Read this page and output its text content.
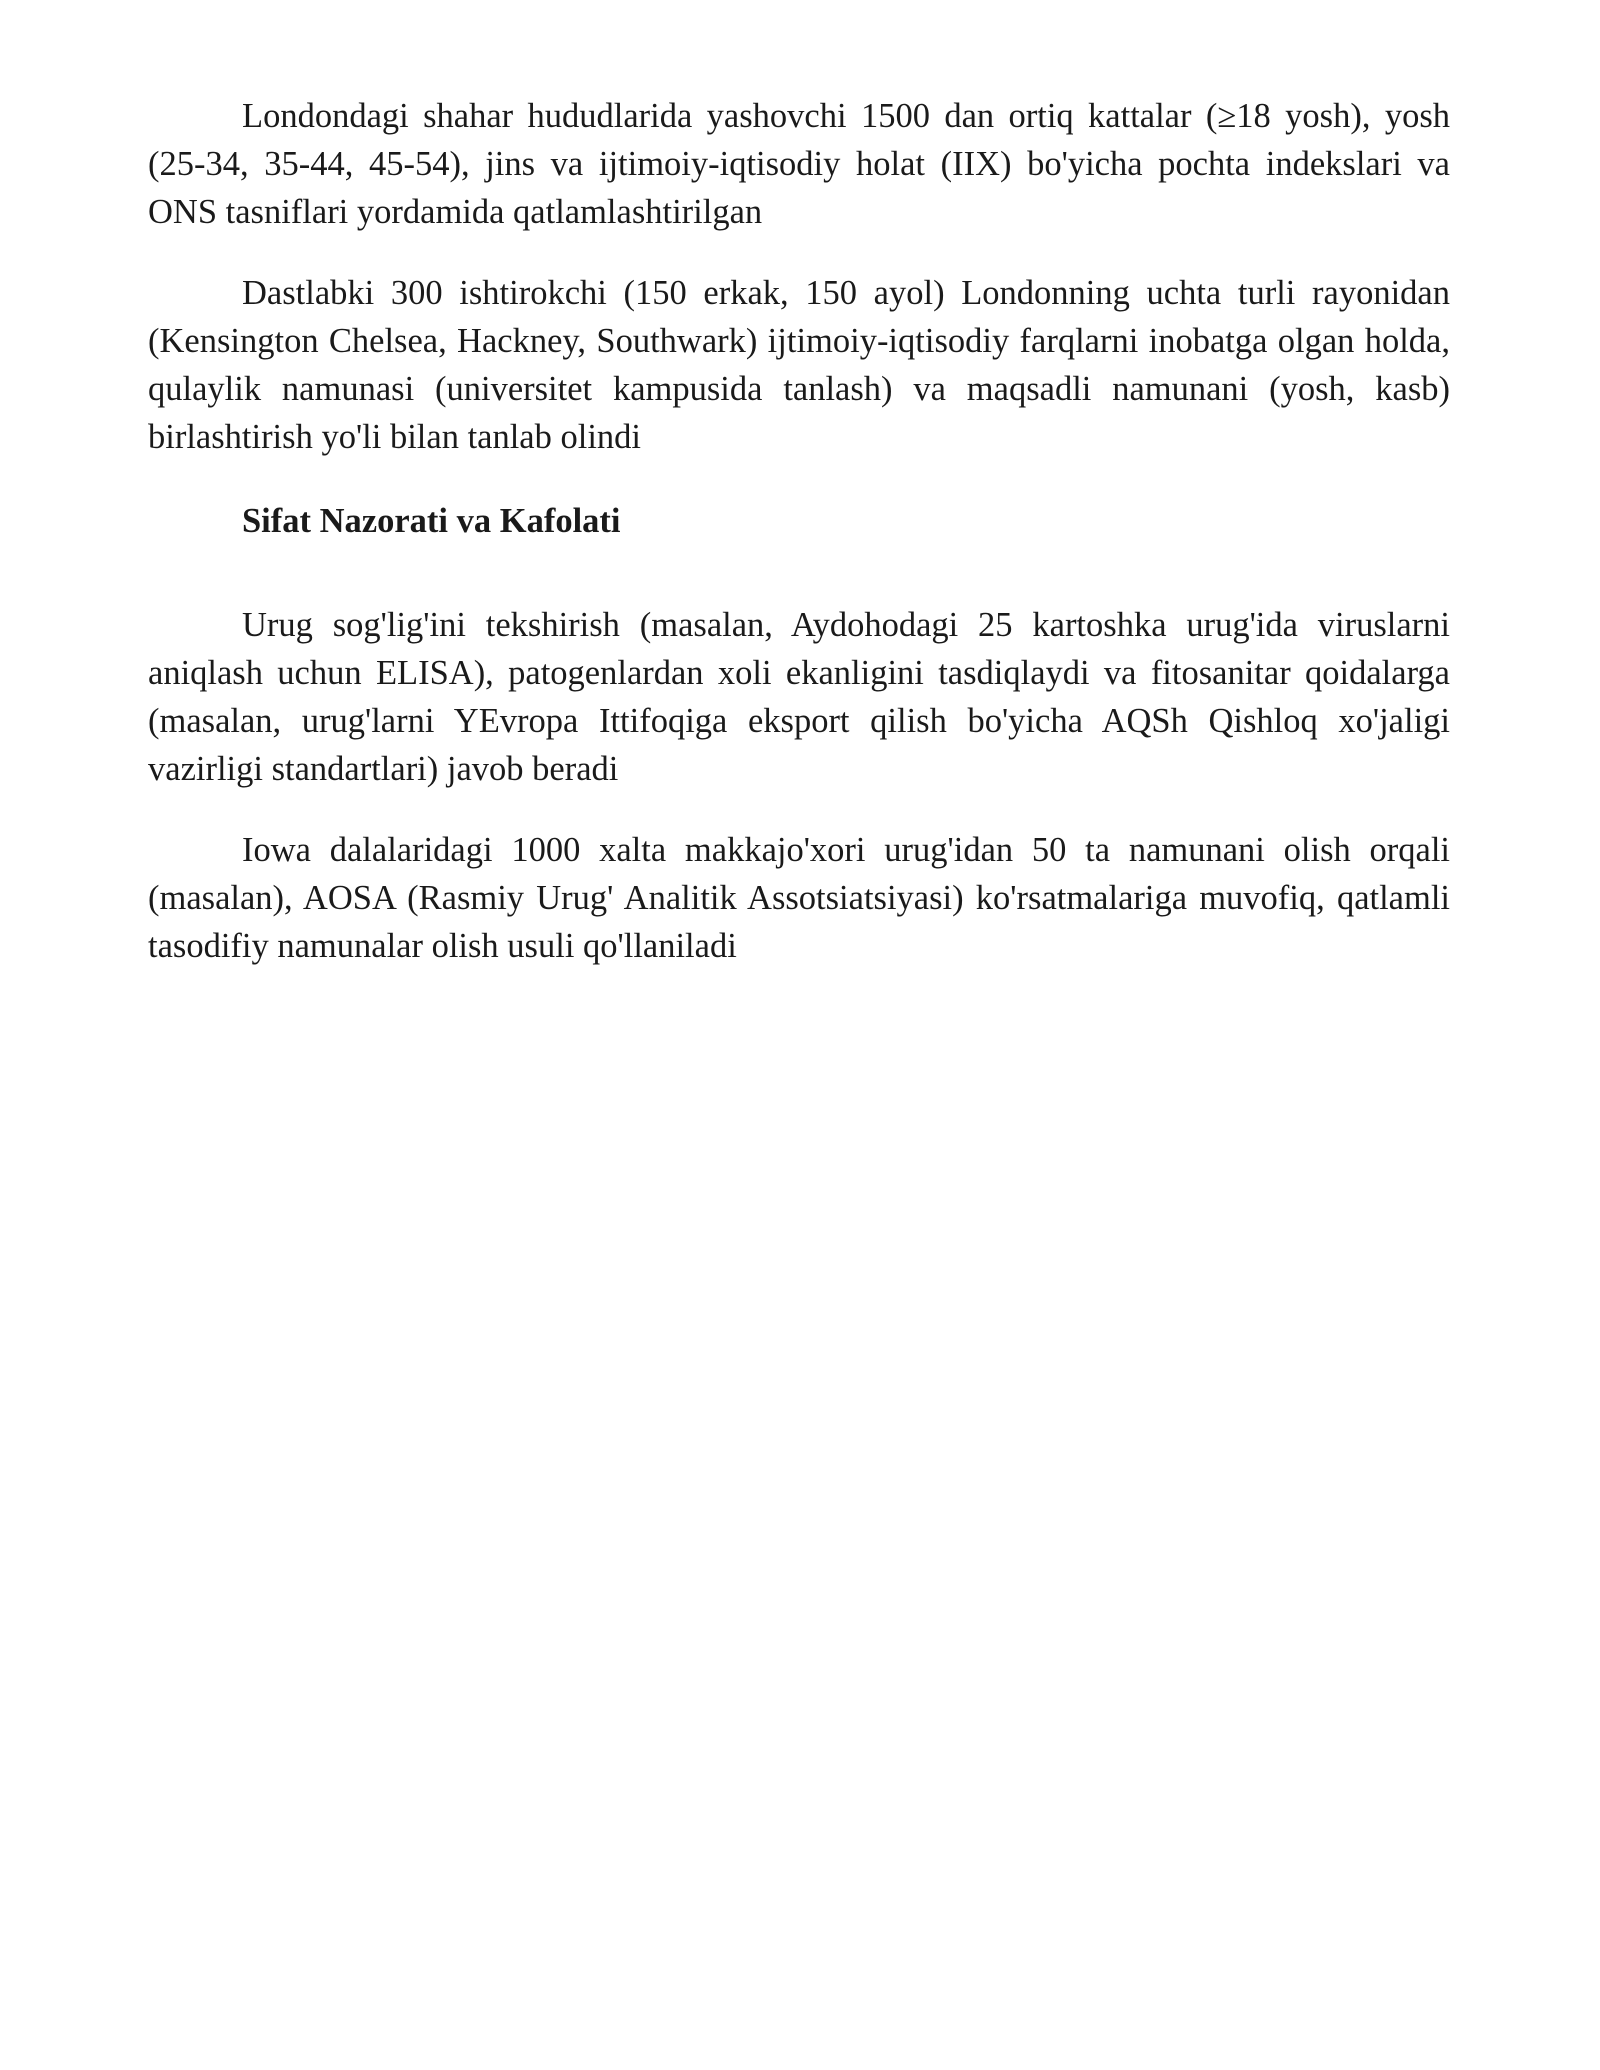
Londondagi shahar hududlarida yashovchi 1500 dan ortiq kattalar (≥18 yosh), yosh (25-34, 35-44, 45-54), jins va ijtimoiy-iqtisodiy holat (IIX) bo'yicha pochta indekslari va ONS tasniflari yordamida qatlamlashtirilgan

Dastlabki 300 ishtirokchi (150 erkak, 150 ayol) Londonning uchta turli rayonidan (Kensington Chelsea, Hackney, Southwark) ijtimoiy-iqtisodiy farqlarni inobatga olgan holda, qulaylik namunasi (universitet kampusida tanlash) va maqsadli namunani (yosh, kasb) birlashtirish yo'li bilan tanlab olindi

Sifat Nazorati va Kafolati

Urug sog'lig'ini tekshirish (masalan, Aydohodagi 25 kartoshka urug'ida viruslarni aniqlash uchun ELISA), patogenlardan xoli ekanligini tasdiqlaydi va fitosanitar qoidalarga (masalan, urug'larni YEvropa Ittifoqiga eksport qilish bo'yicha AQSh Qishloq xo'jaligi vazirligi standartlari) javob beradi

Iowa dalalaridagi 1000 xalta makkajo'xori urug'idan 50 ta namunani olish orqali (masalan), AOSA (Rasmiy Urug' Analitik Assotsiatsiyasi) ko'rsatmalariga muvofiq, qatlamli tasodifiy namunalar olish usuli qo'llaniladi
